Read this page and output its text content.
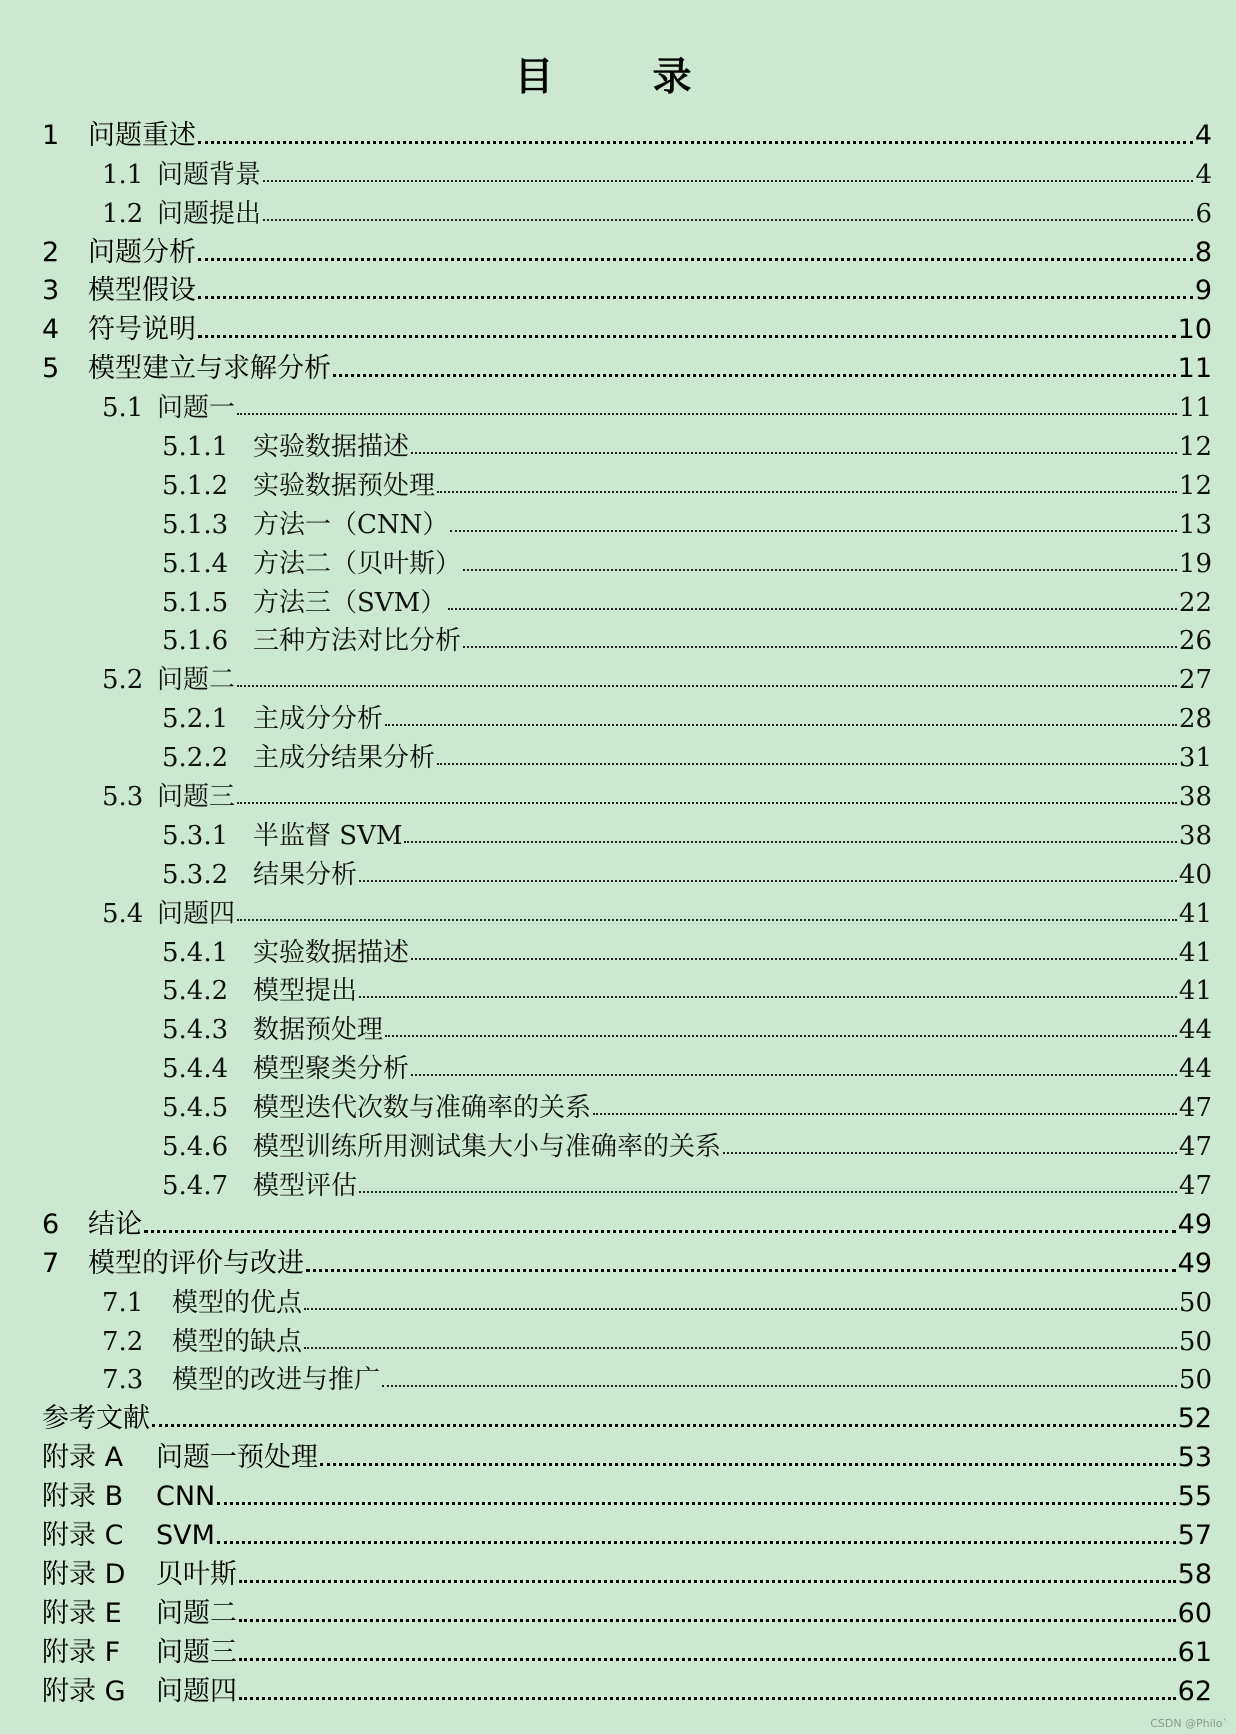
目　录
1	问题重述	4
1.1 问题背景	4
1.2 问题提出	6
2	问题分析	8
3	模型假设	9
4	符号说明	10
5	模型建立与求解分析	11
5.1 问题一	11
5.1.1 实验数据描述	12
5.1.2 实验数据预处理	12
5.1.3 方法一（CNN）	13
5.1.4 方法二（贝叶斯）	19
5.1.5 方法三（SVM）	22
5.1.6 三种方法对比分析	26
5.2 问题二	27
5.2.1 主成分分析	28
5.2.2 主成分结果分析	31
5.3 问题三	38
5.3.1 半监督 SVM	38
5.3.2 结果分析	40
5.4 问题四	41
5.4.1 实验数据描述	41
5.4.2 模型提出	41
5.4.3 数据预处理	44
5.4.4 模型聚类分析	44
5.4.5 模型迭代次数与准确率的关系	47
5.4.6 模型训练所用测试集大小与准确率的关系	47
5.4.7 模型评估	47
6	结论	49
7	模型的评价与改进	49
7.1	模型的优点	50
7.2	模型的缺点	50
7.3	模型的改进与推广	50
参考文献	52
附录 A	问题一预处理	53
附录 B	CNN	55
附录 C	SVM	57
附录 D	贝叶斯	58
附录 E	问题二	60
附录 F	问题三	61
附录 G	问题四	62
CSDN @Philo`
